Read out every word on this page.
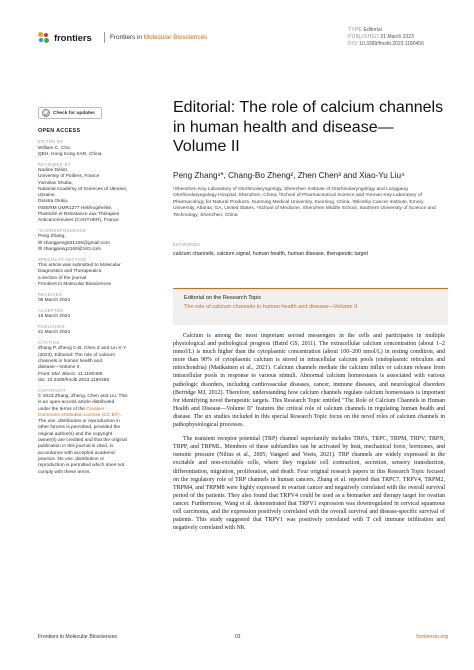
frontiers	Frontiers in Molecular Biosciences
TYPE Editorial
PUBLISHED 21 March 2023
DOI 10.3389/fmolb.2023.1180456
Check for updates
OPEN ACCESS
EDITED BY
William C. Cho,
QEH, Hong Kong SAR, China
REVIEWED BY
Nadine Déliot,
University of Poitiers, France
Yaroslav Shuba,
National Academy of Sciences of Ukraine,
Ukraine
Dimitra Gkika,
INSERM UMR1277 Hétérogénéité,
Plasticité et Résistance aux Thérapies
Anticancéreuses (CANTHER), France
*CORRESPONDENCE
Peng Zhang,
✉ zhangpeng831226@gmail.com
✉ zhangpeng2160@163.com
SPECIALTY SECTION
This article was submitted to Molecular
Diagnostics and Therapeutics,
a section of the journal
Frontiers in Molecular Biosciences
RECEIVED
06 March 2023
ACCEPTED
16 March 2023
PUBLISHED
21 March 2023
CITATION
Zhang P, Zheng C-B, Chen Z and Liu X-Y
(2023), Editorial: The role of calcium
channels in human health and
disease—Volume II.
Front. Mol. Biosci. 11:1180456.
doi: 10.3389/fmolb.2023.1180456
COPYRIGHT
© 2023 Zhang, Zheng, Chen and Liu. This
is an open-access article distributed
under the terms of the Creative
Commons Attribution License (CC BY).
The use, distribution or reproduction in
other forums is permitted, provided the
original author(s) and the copyright
owner(s) are credited and that the original
publication in this journal is cited, in
accordance with accepted academic
practice. No use, distribution or
reproduction is permitted which does not
comply with these terms.
Editorial: The role of calcium channels in human health and disease—Volume II
Peng Zhang¹*, Chang-Bo Zheng², Zhen Chen³ and Xiao-Yu Liu⁴
¹Shenzhen Key Laboratory of Otorhinolaryngology, Shenzhen Institute of Otorhinolaryngology and Longgang Otorhinolaryngology Hospital, Shenzhen, China, ²School of Pharmaceutical Science and Yunnan Key Laboratory of Pharmacology for Natural Products, Kunming Medical University, Kunming, China, ³Winship Cancer Institute, Emory University, Atlanta, GA, United States, ⁴School of Medicine, Shenzhen Middle School, Southern University of Science and Technology, Shenzhen, China
KEYWORDS
calcium channels, calcium signal, human health, human disease, therapeutic target
Editorial on the Research Topic
The role of calcium channels in human health and disease—Volume II

Calcium is among the most important second messengers in the cells and participates in multiple physiological and pathological progress (Baird GS, 2011). The extracellular calcium concentration (about 1–2 mmol/L) is much higher than the cytoplasmic concentration (about 100–200 nmol/L) in resting condition, and more than 90% of cytoplasmic calcium is stored in intracellular calcium pools (endoplasmic reticulum and mitochondria) (Matikainen et al., 2021). Calcium channels mediate the calcium influx or calcium release from intracellular pools in response to various stimuli. Abnormal calcium homeostasis is associated with various pathologic disorders, including cardiovascular diseases, cancer, immune diseases, and neurological disorders (Berridge MJ, 2012). Therefore, understanding how calcium channels regulate calcium homeostasis is important for identifying novel therapeutic targets. This Research Topic entitled "The Role of Calcium Channels in Human Health and Disease—Volume II" features the critical role of calcium channels in regulating human health and disease. The six studies included in this special Research Topic focus on the novel roles of calcium channels in pathophysiological processes.

The transient receptor potential (TRP) channel superfamily includes TRPA, TRPC, TRPM, TRPV, TRPN, TRPP, and TRPML. Members of these subfamilies can be activated by heat, mechanical force, hormones, and osmotic pressure (Nilius et al., 2005; Vangeel and Voets, 2021). TRP channels are widely expressed in the excitable and non-excitable cells, where they regulate cell contraction, secretion, sensory transduction, differentiation, migration, proliferation, and death. Four original research papers in this Research Topic focused on the regulatory role of TRP channels in human cancers. Zhang et al. reported that TRPC7, TRPV4, TRPM2, TRPM4, and TRPM8 were highly expressed in ovarian cancer and negatively correlated with the overall survival period of the patients. They also found that TRPV4 could be used as a biomarker and therapy target for ovarian cancer. Furthermore, Wang et al. demonstrated that TRPV1 expression was downregulated in cervical squamous cell carcinoma, and the expression positively correlated with the overall survival and disease-specific survival of patients. This study suggested that TRPV1 was positively correlated with T cell immune infiltration and negatively correlated with NK

Frontiers in Molecular Biosciences	01	frontiersin.org
